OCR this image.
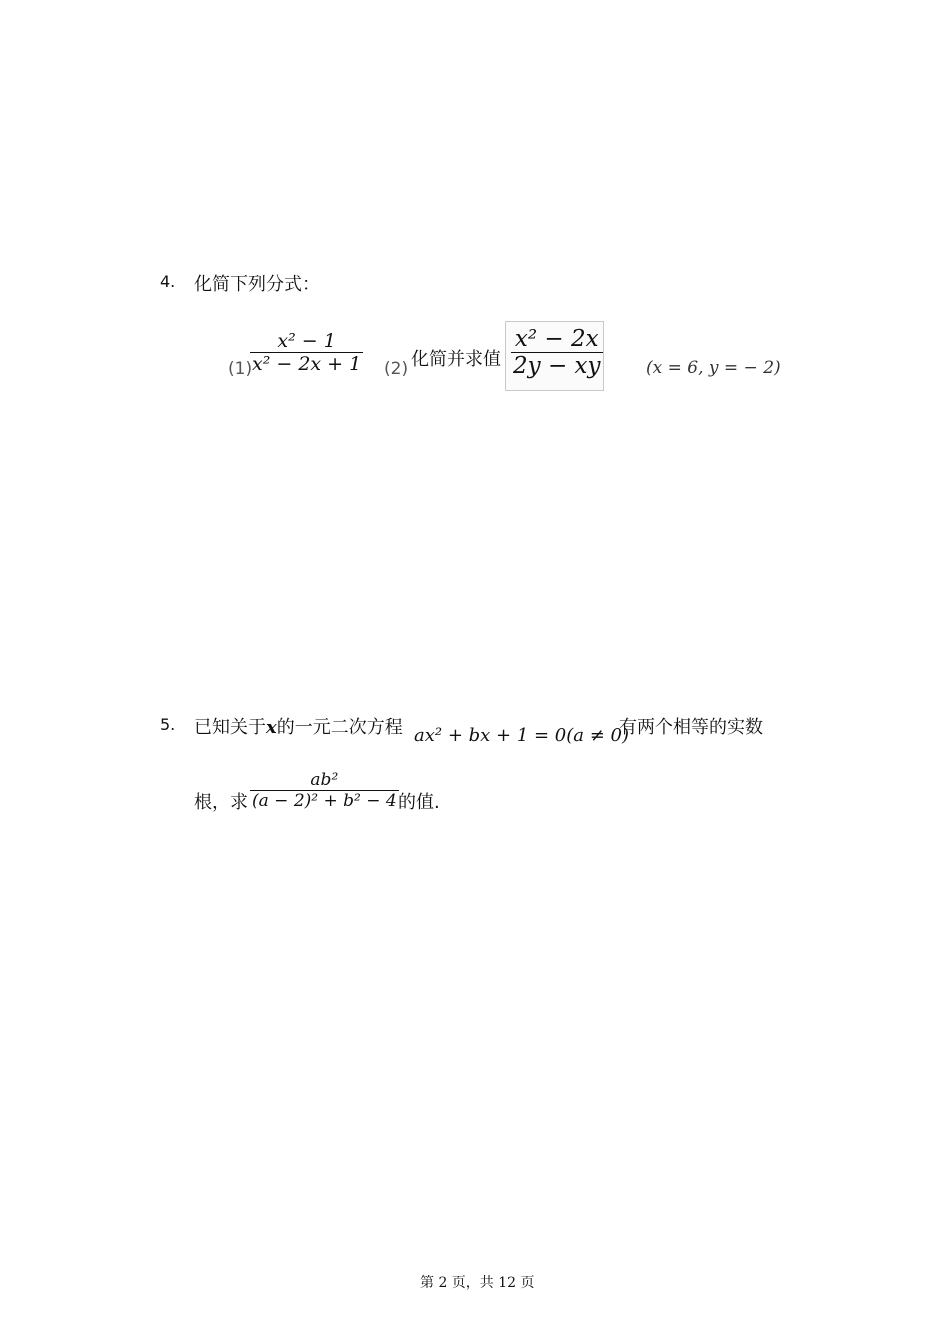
4. 化简下列分式：
(1)
x² − 1
x² − 2x + 1 (2) 化简并求值
x² − 2x
2y − xy	(x = 6, y = − 2)
5. 已知关于x的一元二次方程 ax² + bx + 1 = 0(a ≠ 0)
有两个相等的实数
根，求
ab²
(a − 2)² + b² − 4 的值.
第 2 页，共 12 页
